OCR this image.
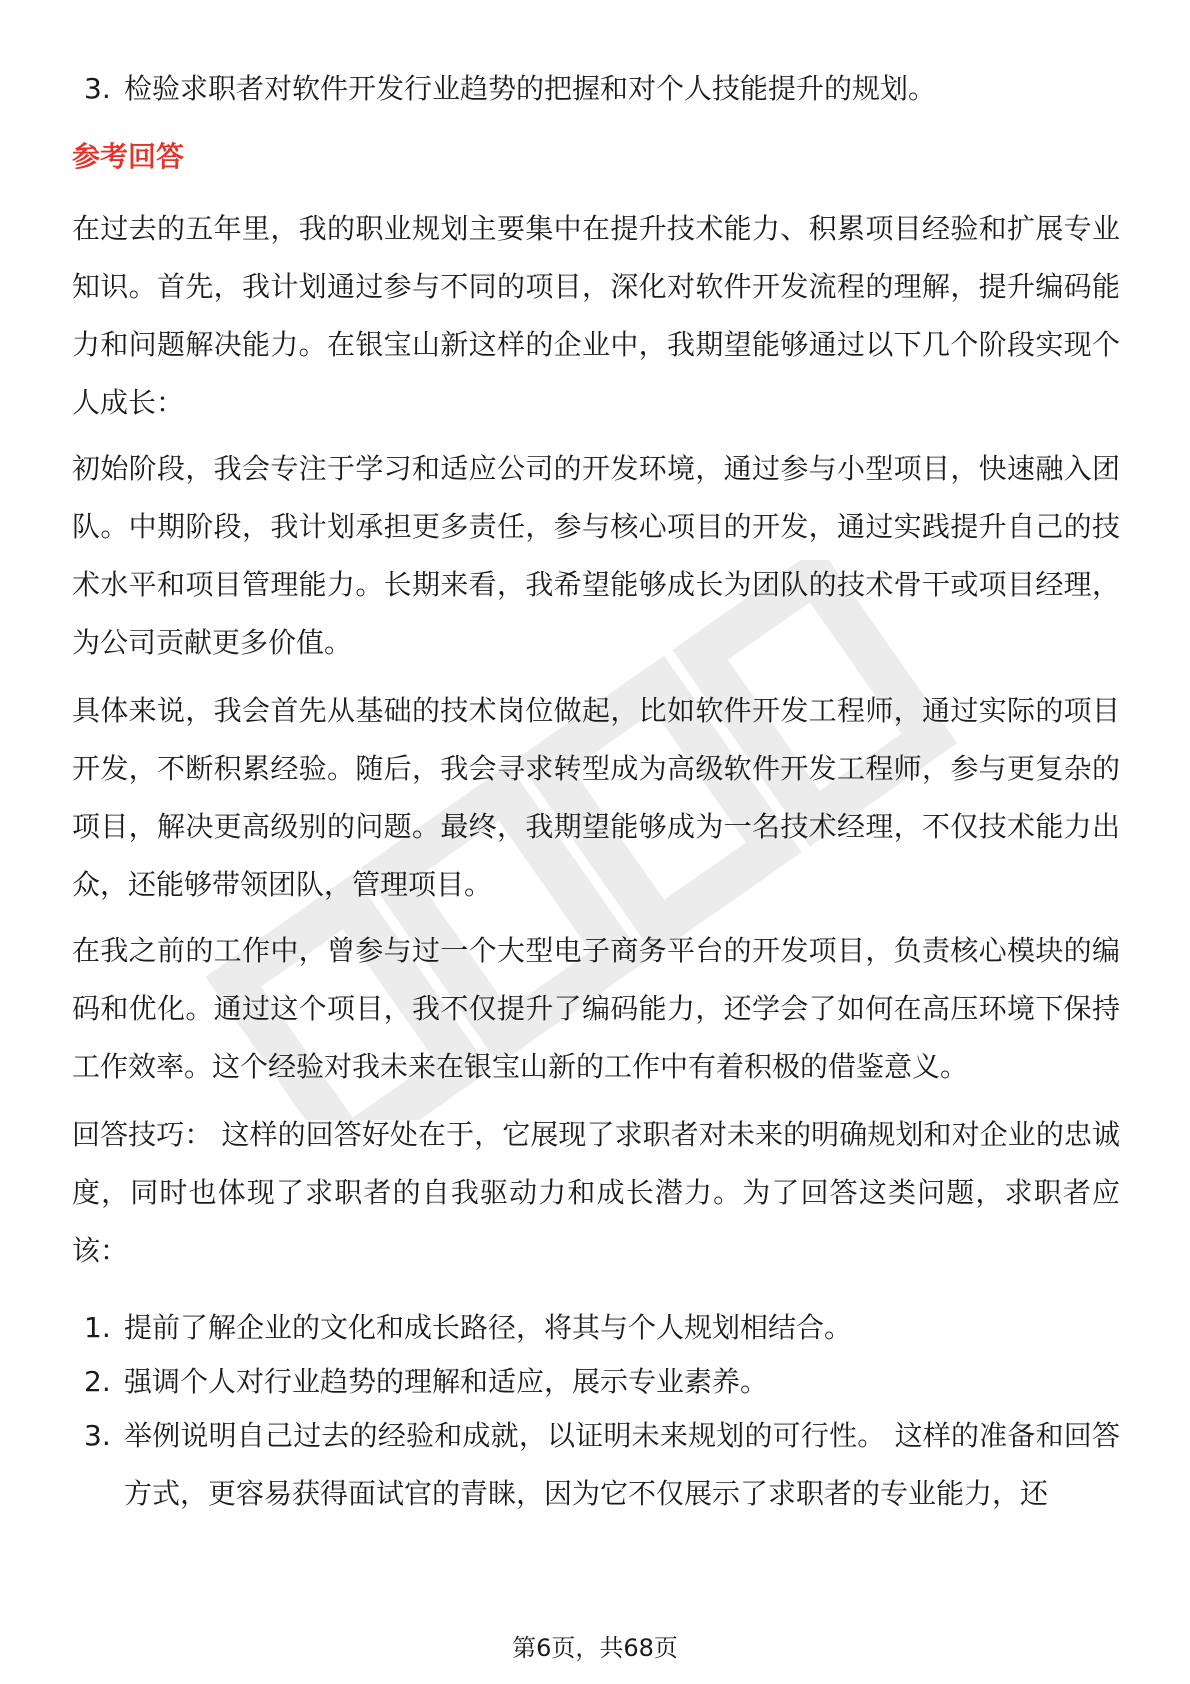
3. 检验求职者对软件开发行业趋势的把握和对个人技能提升的规划。
参考回答

在过去的五年里，我的职业规划主要集中在提升技术能力、积累项目经验和扩展专业知识。首先，我计划通过参与不同的项目，深化对软件开发流程的理解，提升编码能力和问题解决能力。在银宝山新这样的企业中，我期望能够通过以下几个阶段实现个人成长：

初始阶段，我会专注于学习和适应公司的开发环境，通过参与小型项目，快速融入团队。中期阶段，我计划承担更多责任，参与核心项目的开发，通过实践提升自己的技术水平和项目管理能力。长期来看，我希望能够成长为团队的技术骨干或项目经理，为公司贡献更多价值。

具体来说，我会首先从基础的技术岗位做起，比如软件开发工程师，通过实际的项目开发，不断积累经验。随后，我会寻求转型成为高级软件开发工程师，参与更复杂的项目，解决更高级别的问题。最终，我期望能够成为一名技术经理，不仅技术能力出众，还能够带领团队，管理项目。

在我之前的工作中，曾参与过一个大型电子商务平台的开发项目，负责核心模块的编码和优化。通过这个项目，我不仅提升了编码能力，还学会了如何在高压环境下保持工作效率。这个经验对我未来在银宝山新的工作中有着积极的借鉴意义。

回答技巧： 这样的回答好处在于，它展现了求职者对未来的明确规划和对企业的忠诚度，同时也体现了求职者的自我驱动力和成长潜力。为了回答这类问题，求职者应该：

1. 提前了解企业的文化和成长路径，将其与个人规划相结合。
2. 强调个人对行业趋势的理解和适应，展示专业素养。
3. 举例说明自己过去的经验和成就，以证明未来规划的可行性。 这样的准备和回答方式，更容易获得面试官的青睐，因为它不仅展示了求职者的专业能力，还
第6页，共68页
